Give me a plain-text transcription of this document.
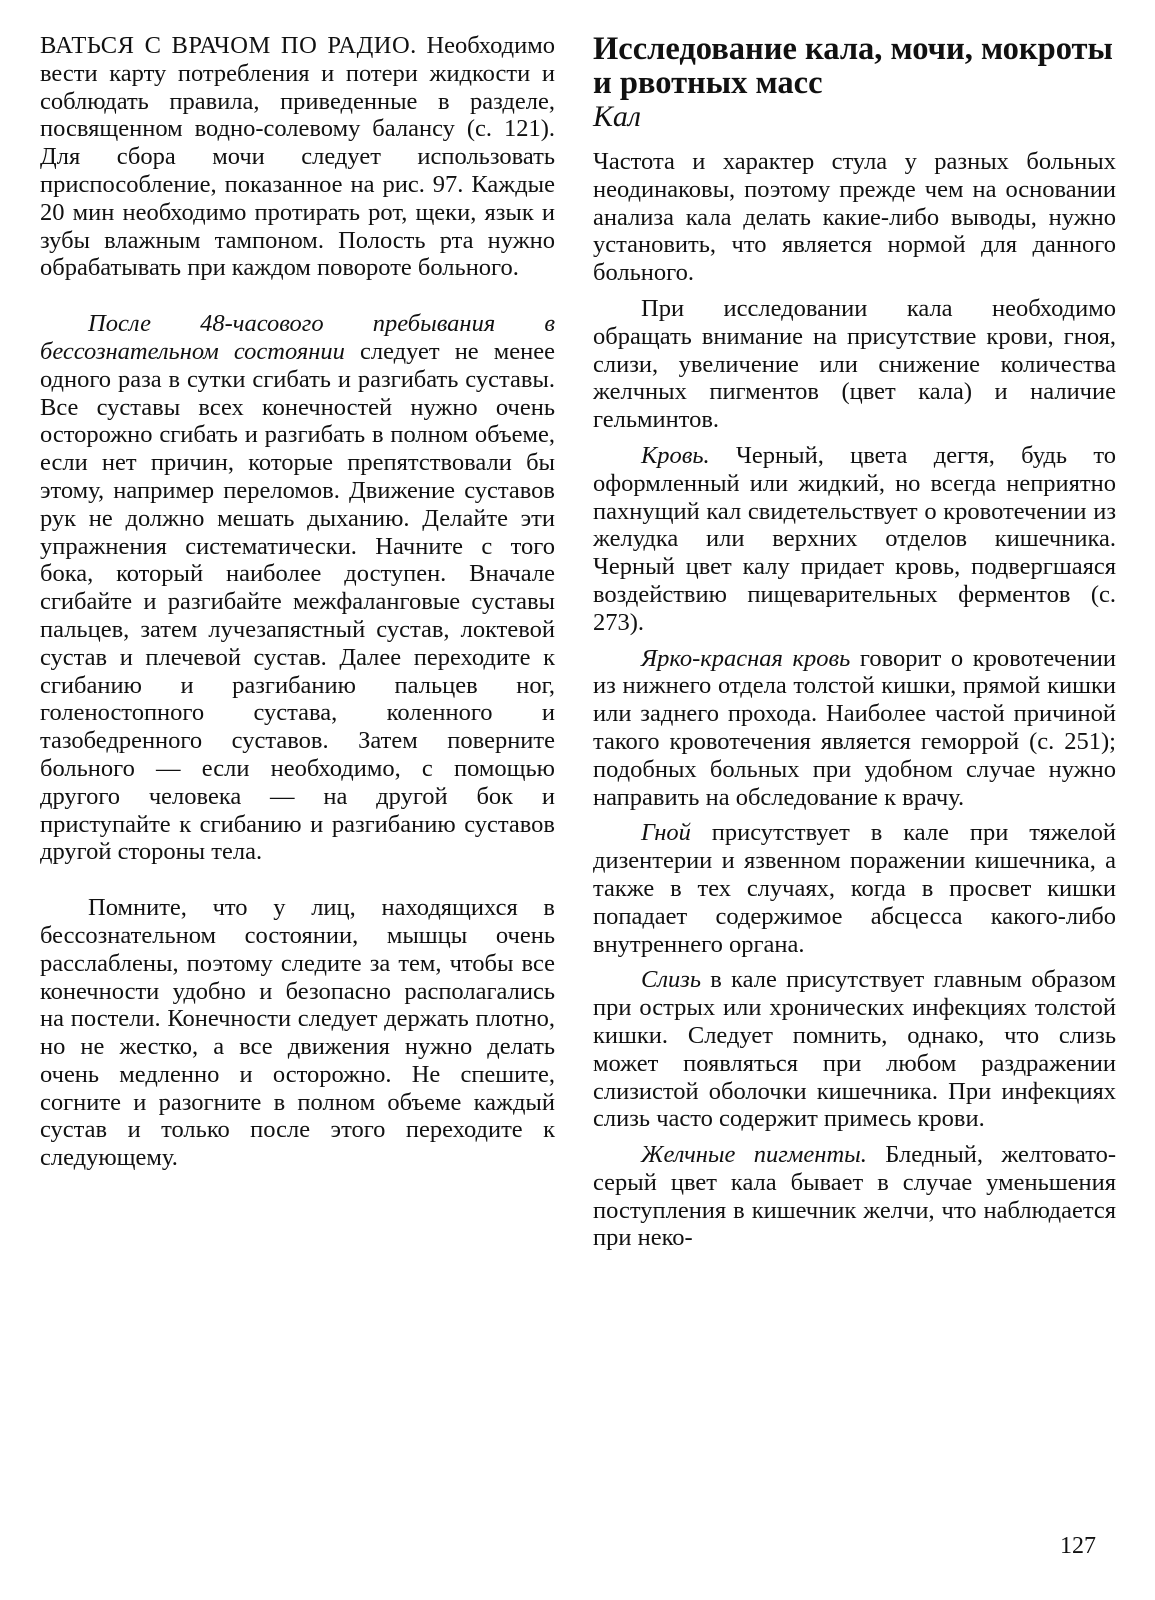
ВАТЬСЯ С ВРАЧОМ ПО РАДИО. Необходимо вести карту потребления и потери жидкости и соблюдать правила, приведенные в разделе, посвященном водно-солевому балансу (с. 121). Для сбора мочи следует использовать приспособление, показанное на рис. 97. Каждые 20 мин необходимо протирать рот, щеки, язык и зубы влажным тампоном. Полость рта нужно обрабатывать при каждом повороте больного.

После 48-часового пребывания в бессознательном состоянии следует не менее одного раза в сутки сгибать и разгибать суставы. Все суставы всех конечностей нужно очень осторожно сгибать и разгибать в полном объеме, если нет причин, которые препятствовали бы этому, например переломов. Движение суставов рук не должно мешать дыханию. Делайте эти упражнения систематически. Начните с того бока, который наиболее доступен. Вначале сгибайте и разгибайте межфаланговые суставы пальцев, затем лучезапястный сустав, локтевой сустав и плечевой сустав. Далее переходите к сгибанию и разгибанию пальцев ног, голеностопного сустава, коленного и тазобедренного суставов. Затем поверните больного — если необходимо, с помощью другого человека — на другой бок и приступайте к сгибанию и разгибанию суставов другой стороны тела.

Помните, что у лиц, находящихся в бессознательном состоянии, мышцы очень расслаблены, поэтому следите за тем, чтобы все конечности удобно и безопасно располагались на постели. Конечности следует держать плотно, но не жестко, а все движения нужно делать очень медленно и осторожно. Не спешите, согните и разогните в полном объеме каждый сустав и только после этого переходите к следующему.

Исследование кала, мочи, мокроты и рвотных масс
Кал

Частота и характер стула у разных больных неодинаковы, поэтому прежде чем на основании анализа кала делать какие-либо выводы, нужно установить, что является нормой для данного больного.

При исследовании кала необходимо обращать внимание на присутствие крови, гноя, слизи, увеличение или снижение количества желчных пигментов (цвет кала) и наличие гельминтов.

Кровь. Черный, цвета дегтя, будь то оформленный или жидкий, но всегда неприятно пахнущий кал свидетельствует о кровотечении из желудка или верхних отделов кишечника. Черный цвет калу придает кровь, подвергшаяся воздействию пищеварительных ферментов (с. 273).

Ярко-красная кровь говорит о кровотечении из нижнего отдела толстой кишки, прямой кишки или заднего прохода. Наиболее частой причиной такого кровотечения является геморрой (с. 251); подобных больных при удобном случае нужно направить на обследование к врачу.

Гной присутствует в кале при тяжелой дизентерии и язвенном поражении кишечника, а также в тех случаях, когда в просвет кишки попадает содержимое абсцесса какого-либо внутреннего органа.

Слизь в кале присутствует главным образом при острых или хронических инфекциях толстой кишки. Следует помнить, однако, что слизь может появляться при любом раздражении слизистой оболочки кишечника. При инфекциях слизь часто содержит примесь крови.

Желчные пигменты. Бледный, желтовато-серый цвет кала бывает в случае уменьшения поступления в кишечник желчи, что наблюдается при неко-

127
